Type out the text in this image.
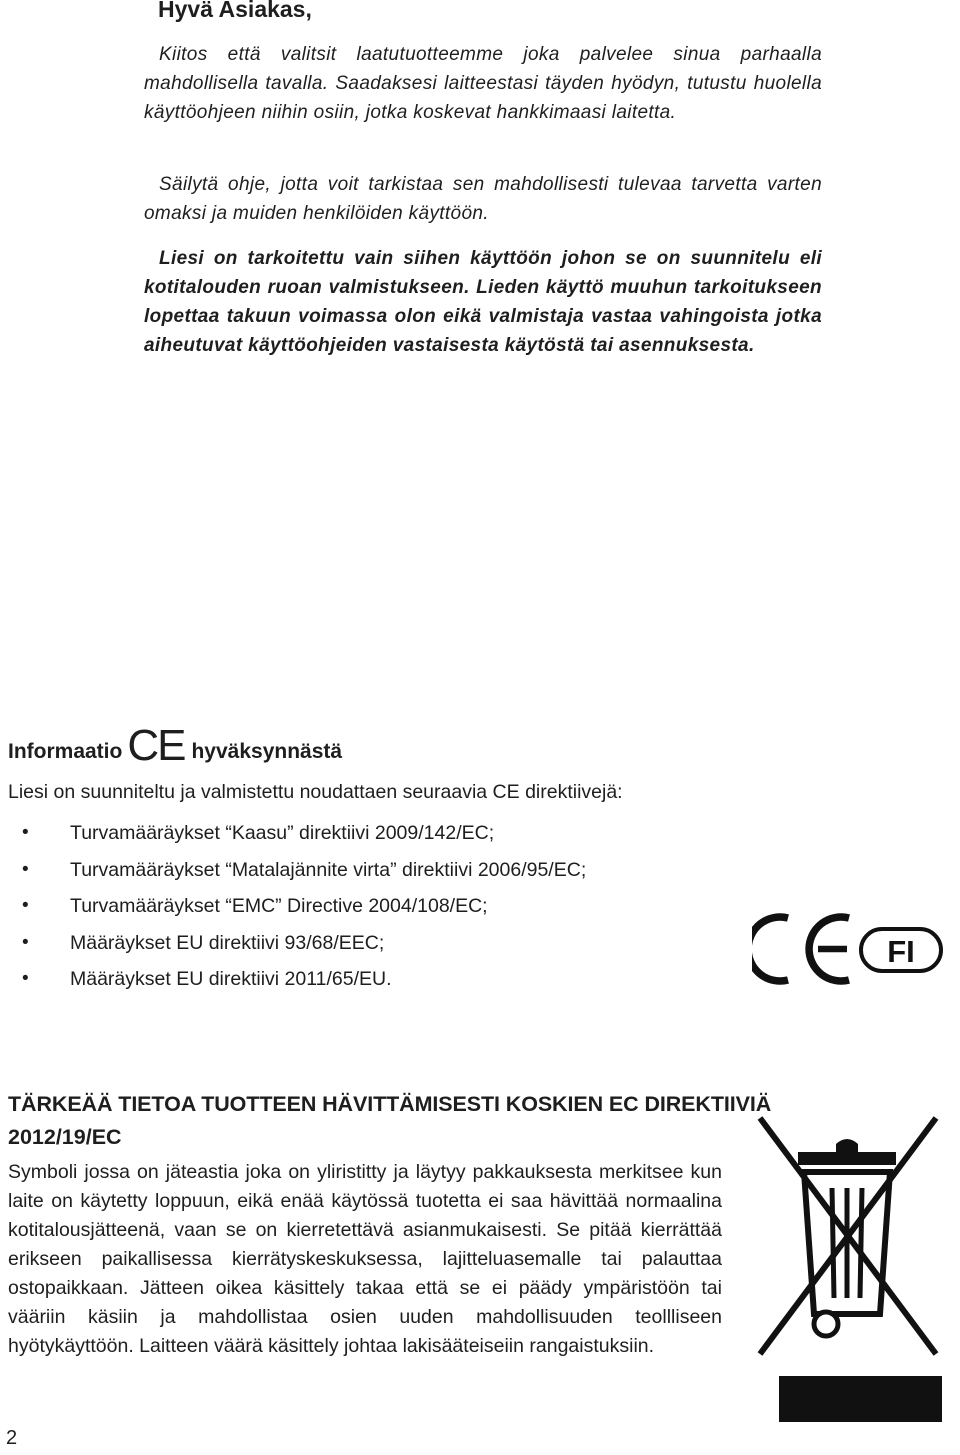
Hyvä Asiakas,

Kiitos että valitsit laatutuotteemme joka palvelee sinua parhaalla mahdollisella tavalla. Saadaksesi laitteestasi täyden hyödyn, tutustu huolella käyttöohjeen niihin osiin, jotka koskevat hankkimaasi laitetta.

Säilytä ohje, jotta voit tarkistaa sen mahdollisesti tulevaa tarvetta varten omaksi ja muiden henkilöiden käyttöön.

Liesi on tarkoitettu vain siihen käyttöön johon se on suunnitelu eli kotitalouden ruoan valmistukseen. Lieden käyttö muuhun tarkoitukseen lopettaa takuun voimassa olon eikä valmistaja vastaa vahingoista jotka aiheutuvat käyttöohjeiden vastaisesta käytöstä tai asennuksesta.

Informaatio CE hyväksynnästä
Liesi on suunniteltu ja valmistettu noudattaen seuraavia CE direktiivejä:
• Turvamääräykset “Kaasu” direktiivi 2009/142/EC;
• Turvamääräykset “Matalajännite virta” direktiivi 2006/95/EC;
• Turvamääräykset “EMC” Directive 2004/108/EC;
• Määräykset EU direktiivi 93/68/EEC;
• Määräykset EU direktiivi 2011/65/EU.
FI
TÄRKEÄÄ TIETOA TUOTTEEN HÄVITTÄMISESTI KOSKIEN EC DIREKTIIVIÄ
2012/19/EC

Symboli jossa on jäteastia joka on yliristitty ja läytyy pakkauksesta merkitsee kun laite on käytetty loppuun, eikä enää käytössä tuotetta ei saa hävittää normaalina kotitalousjätteenä, vaan se on kierretettävä asianmukaisesti. Se pitää kierrättää erikseen paikallisessa kierrätyskeskuksessa, lajitteluasemalle tai palauttaa ostopaikkaan. Jätteen oikea käsittely takaa että se ei päädy ympäristöön tai vääriin käsiin ja mahdollistaa osien uuden mahdollisuuden teollliseen hyötykäyttöön. Laitteen väärä käsittely johtaa lakisääteiseiin rangaistuksiin.

2
